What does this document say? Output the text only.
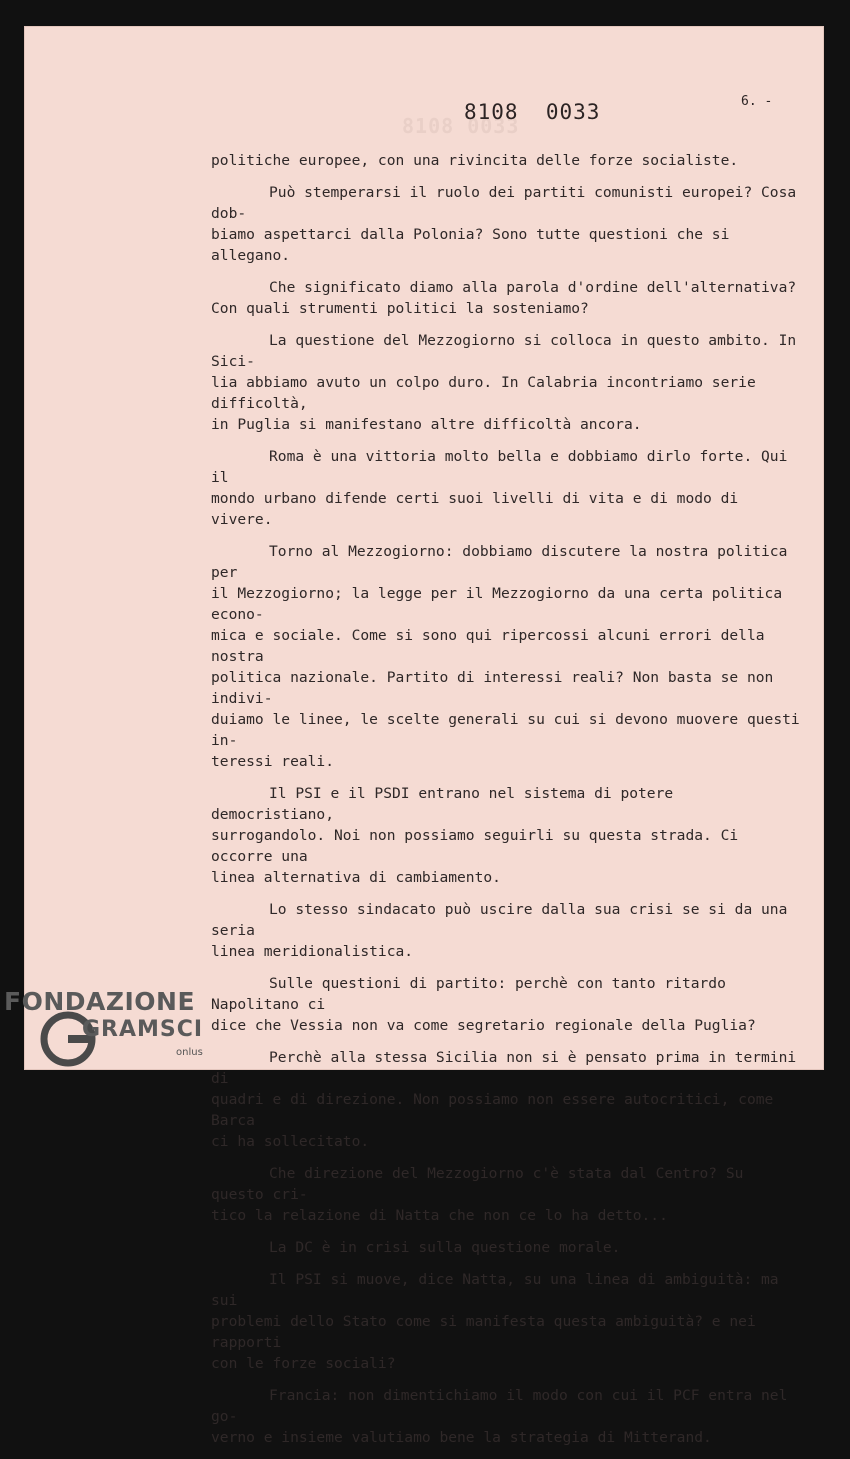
8108 0033
8108  0033	6. -

politiche europee, con una rivincita delle forze socialiste.

Può stemperarsi il ruolo dei partiti comunisti europei? Cosa dob-
biamo aspettarci dalla Polonia? Sono tutte questioni che si allegano.

Che significato diamo alla parola d'ordine dell'alternativa?
Con quali strumenti politici la sosteniamo?

La questione del Mezzogiorno si colloca in questo ambito. In Sici-
lia abbiamo avuto un colpo duro. In Calabria incontriamo serie difficoltà,
in Puglia si manifestano altre difficoltà ancora.

Roma è una vittoria molto bella e dobbiamo dirlo forte. Qui il
mondo urbano difende certi suoi livelli di vita e di modo di vivere.

Torno al Mezzogiorno: dobbiamo discutere la nostra politica per
il Mezzogiorno; la legge per il Mezzogiorno da una certa politica econo-
mica e sociale. Come si sono qui ripercossi alcuni errori della nostra
politica nazionale. Partito di interessi reali? Non basta se non indivi-
duiamo le linee, le scelte generali su cui si devono muovere questi in-
teressi reali.

Il PSI e il PSDI entrano nel sistema di potere democristiano,
surrogandolo. Noi non possiamo seguirli su questa strada. Ci occorre una
linea alternativa di cambiamento.

Lo stesso sindacato può uscire dalla sua crisi se si da una seria
linea meridionalistica.

Sulle questioni di partito: perchè con tanto ritardo Napolitano ci
dice che Vessia non va come segretario regionale della Puglia?

Perchè alla stessa Sicilia non si è pensato prima in termini di
quadri e di direzione. Non possiamo non essere autocritici, come Barca
ci ha sollecitato.

Che direzione del Mezzogiorno c'è stata dal Centro? Su questo cri-
tico la relazione di Natta che non ce lo ha detto...

La DC è in crisi sulla questione morale.

Il PSI si muove, dice Natta, su una linea di ambiguità: ma sui
problemi dello Stato come si manifesta questa ambiguità? e nei rapporti
con le forze sociali?

Francia: non dimentichiamo il modo con cui il PCF entra nel go-
verno e insieme valutiamo bene la strategia di Mitterand.

FONDAZIONE
GRAMSCI
onlus
